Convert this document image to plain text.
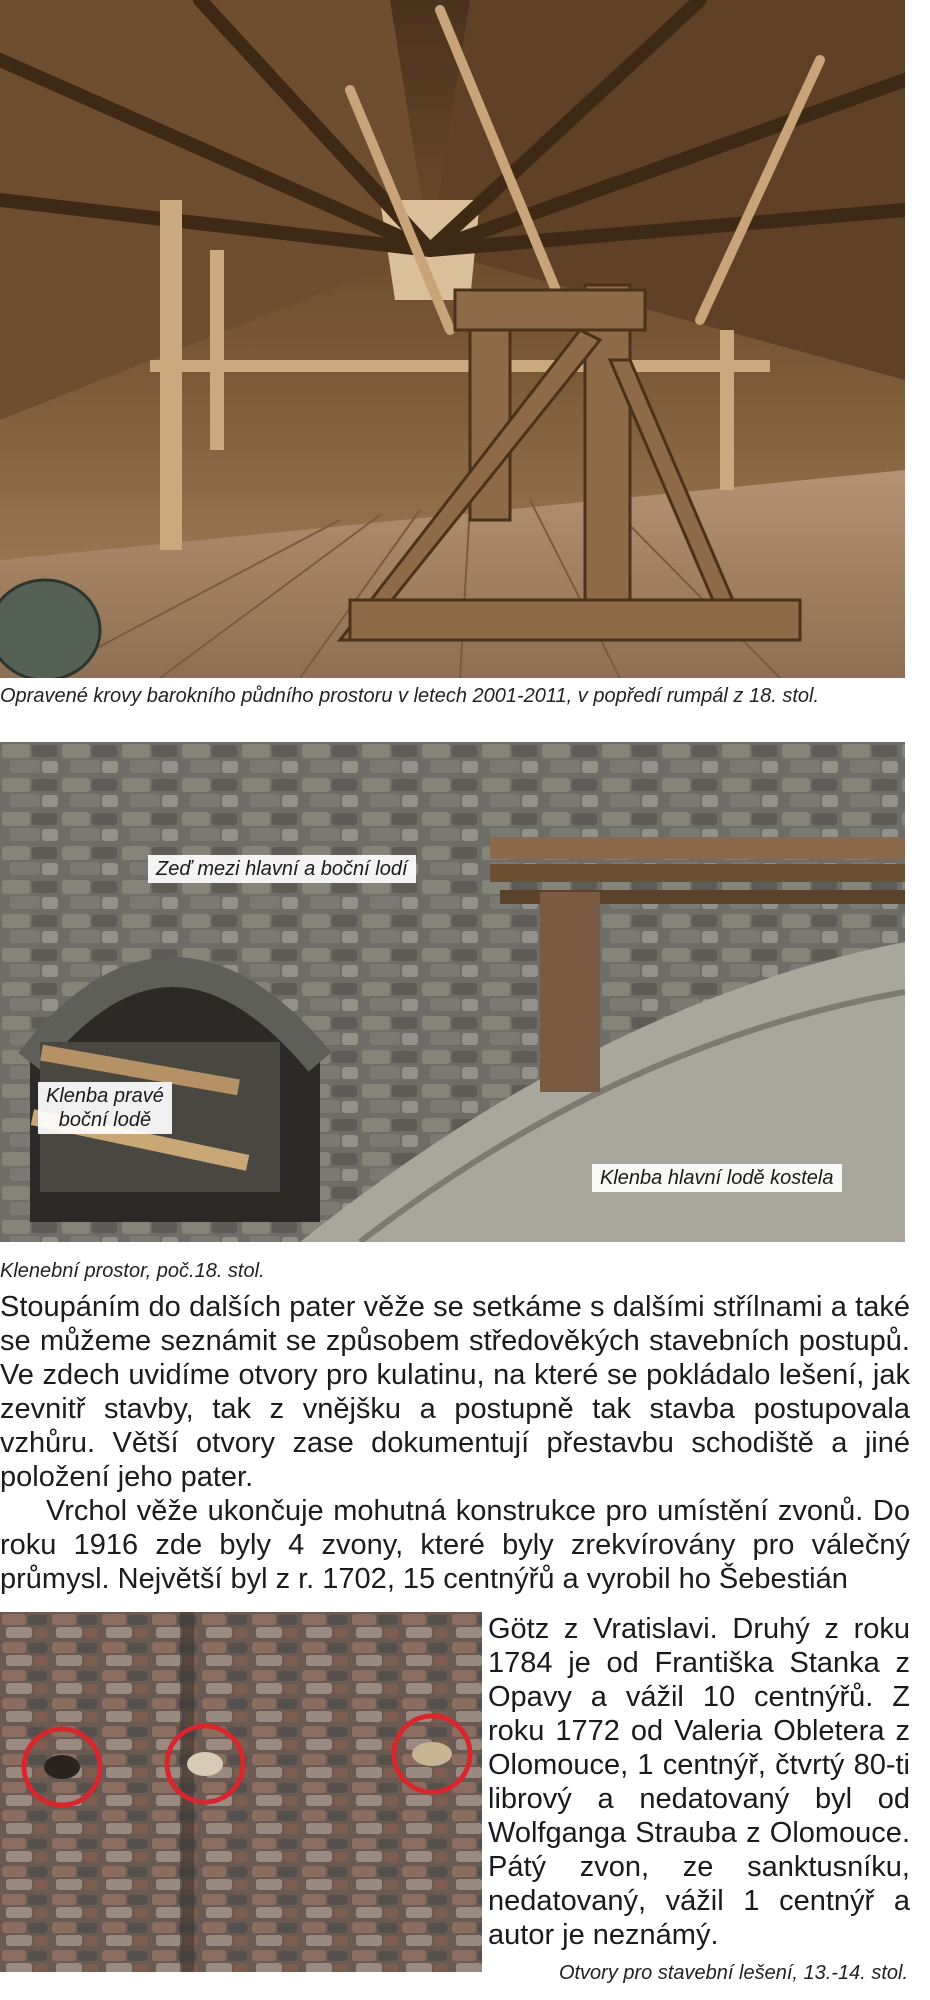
Opravené krovy barokního půdního prostoru v letech 2001-2011, v popředí rumpál z 18. stol.
Zeď mezi hlavní a boční lodí
Klenba pravé
boční lodě
Klenba hlavní lodě kostela
Klenební prostor, poč.18. stol.

Stoupáním do dalších pater věže se setkáme s dalšími střílnami a také se můžeme seznámit se způsobem středověkých stavebních postupů. Ve zdech uvidíme otvory pro kulatinu, na které se pokládalo lešení, jak zevnitř stavby, tak z vnějšku a postupně tak stavba postupovala vzhůru. Větší otvory zase dokumentují přestavbu schodiště a jiné položení jeho pater.

Vrchol věže ukončuje mohutná konstrukce pro umístění zvonů. Do roku 1916 zde byly 4 zvony, které byly zrekvírovány pro válečný průmysl. Největší byl z r. 1702, 15 centnýřů a vyrobil ho Šebestián

Götz z Vratislavi. Druhý z roku 1784 je od Františka Stanka z Opavy a vážil 10 centnýřů. Z roku 1772 od Valeria Obletera z Olomouce, 1 centnýř, čtvrtý 80-ti librový a nedatovaný byl od Wolfganga Strauba z Olomouce. Pátý zvon, ze sanktusníku, nedatovaný, vážil 1 centnýř a autor je neznámý.

Otvory pro stavební lešení, 13.-14. stol.
